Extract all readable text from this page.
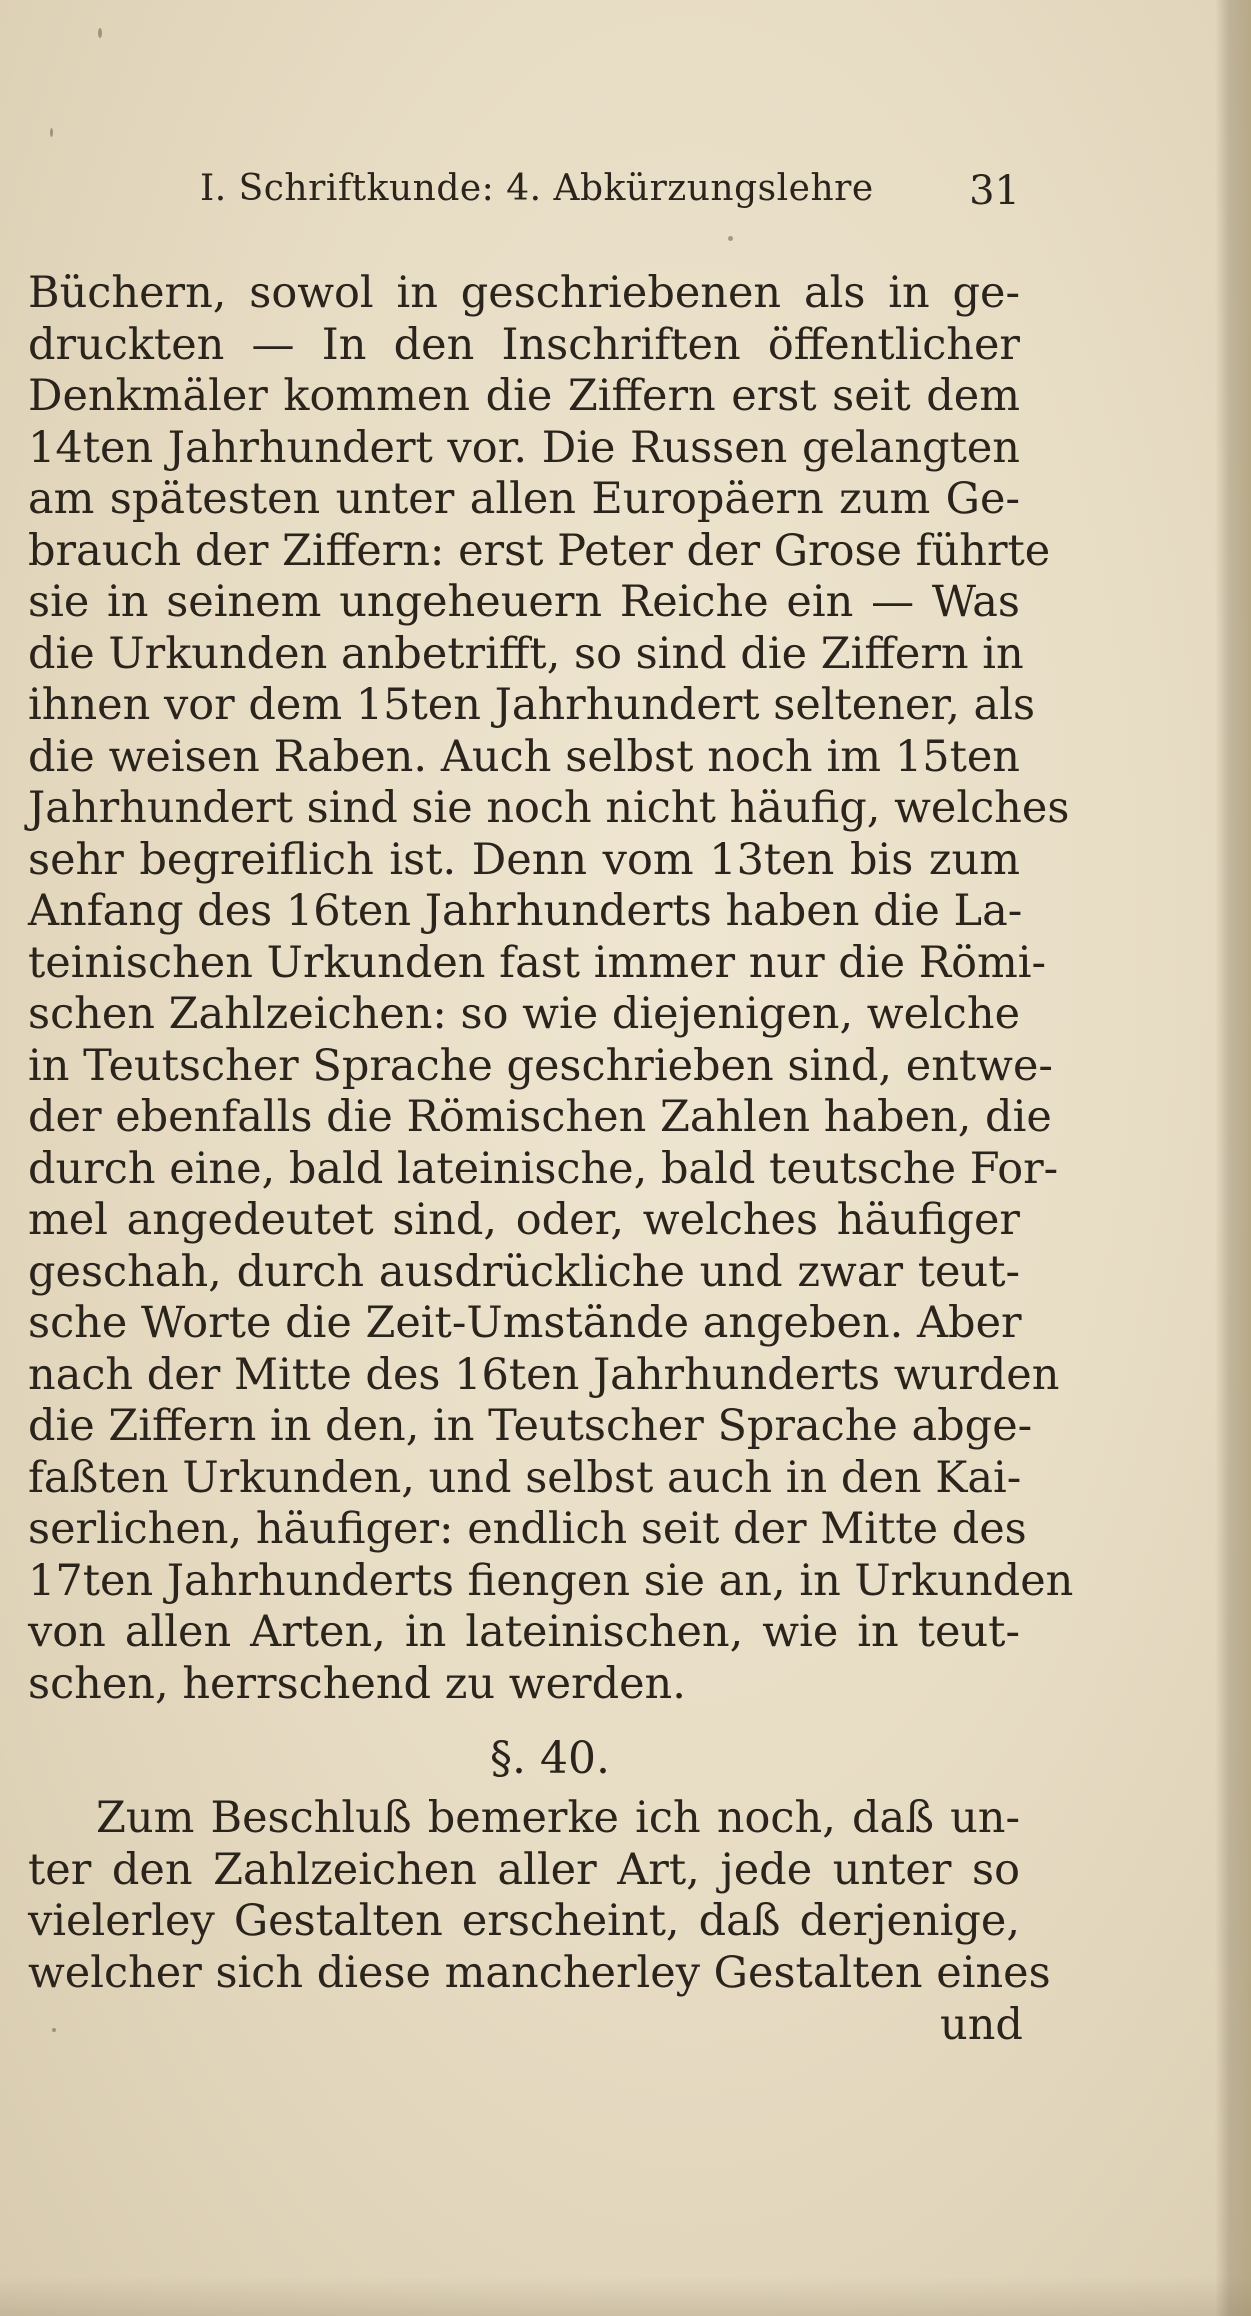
I. Schriftkunde: 4. Abkürzungslehre 31
Büchern, sowol in geschriebenen als in ge-
druckten — In den Inschriften öffentlicher
Denkmäler kommen die Ziffern erst seit dem
14ten Jahrhundert vor. Die Russen gelangten
am spätesten unter allen Europäern zum Ge-
brauch der Ziffern: erst Peter der Grose führte
sie in seinem ungeheuern Reiche ein — Was
die Urkunden anbetrifft, so sind die Ziffern in
ihnen vor dem 15ten Jahrhundert seltener, als
die weisen Raben. Auch selbst noch im 15ten
Jahrhundert sind sie noch nicht häufig, welches
sehr begreiflich ist. Denn vom 13ten bis zum
Anfang des 16ten Jahrhunderts haben die La-
teinischen Urkunden fast immer nur die Römi-
schen Zahlzeichen: so wie diejenigen, welche
in Teutscher Sprache geschrieben sind, entwe-
der ebenfalls die Römischen Zahlen haben, die
durch eine, bald lateinische, bald teutsche For-
mel angedeutet sind, oder, welches häufiger
geschah, durch ausdrückliche und zwar teut-
sche Worte die Zeit-Umstände angeben. Aber
nach der Mitte des 16ten Jahrhunderts wurden
die Ziffern in den, in Teutscher Sprache abge-
faßten Urkunden, und selbst auch in den Kai-
serlichen, häufiger: endlich seit der Mitte des
17ten Jahrhunderts fiengen sie an, in Urkunden
von allen Arten, in lateinischen, wie in teut-
schen, herrschend zu werden.
§. 40.
Zum Beschluß bemerke ich noch, daß un-
ter den Zahlzeichen aller Art, jede unter so
vielerley Gestalten erscheint, daß derjenige,
welcher sich diese mancherley Gestalten eines
und
